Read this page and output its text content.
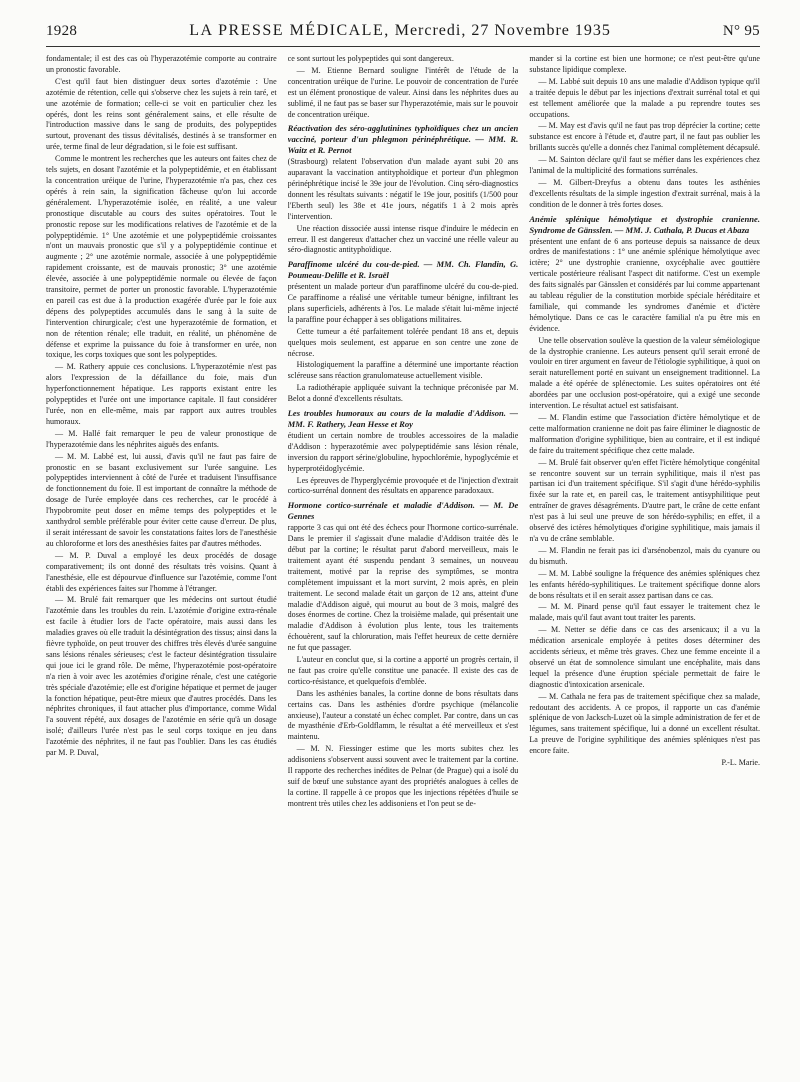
1928	LA PRESSE MÉDICALE, Mercredi, 27 Novembre 1935	N° 95

fondamentale; il est des cas où l'hyperazotémie comporte au contraire un pronostic favorable.

C'est qu'il faut bien distinguer deux sortes d'azotémie : Une azotémie de rétention, celle qui s'observe chez les sujets à rein taré, et une azotémie de formation; celle-ci se voit en particulier chez les opérés, dont les reins sont généralement sains, et elle résulte de l'introduction massive dans le sang de produits, des polypeptides surtout, provenant des tissus dévitalisés, destinés à se transformer en urée, terme final de leur dégradation, si le foie est suffisant.

Comme le montrent les recherches que les auteurs ont faites chez de tels sujets, en dosant l'azotémie et la polypeptidémie, et en établissant la concentration uréique de l'urine, l'hyperazotémie n'a pas, chez ces opérés à rein sain, la signification fâcheuse qu'on lui accorde généralement. L'hyperazotémie isolée, en réalité, a une valeur pronostique discutable au cours des suites opératoires. Tout le pronostic repose sur les modifications relatives de l'azotémie et de la polypeptidémie. 1° Une azotémie et une polypeptidémie croissantes n'ont un mauvais pronostic que s'il y a polypeptidémie continue et augmente ; 2° une azotémie normale, associée à une polypeptidémie rapidement croissante, est de mauvais pronostic; 3° une azotémie élevée, associée à une polypeptidémie normale ou élevée de façon transitoire, permet de porter un pronostic favorable. L'hyperazotémie en pareil cas est due à la production exagérée d'urée par le foie aux dépens des polypeptides accumulés dans le sang à la suite de l'intervention chirurgicale; c'est une hyperazotémie de formation, et non de rétention rénale; elle traduit, en réalité, un phénomène de défense et exprime la puissance du foie à transformer en urée, non toxique, les corps toxiques que sont les polypeptides.

— M. Rathery appuie ces conclusions. L'hyperazotémie n'est pas alors l'expression de la défaillance du foie, mais d'un hyperfonctionnement hépatique. Les rapports existant entre les polypeptides et l'urée ont une importance capitale. Il faut considérer l'urée, non en elle-même, mais par rapport aux autres troubles humoraux.

— M. Hallé fait remarquer le peu de valeur pronostique de l'hyperazotémie dans les néphrites aiguës des enfants.

— M. M. Labbé est, lui aussi, d'avis qu'il ne faut pas faire de pronostic en se basant exclusivement sur l'urée sanguine. Les polypeptides interviennent à côté de l'urée et traduisent l'insuffisance de fonctionnement du foie. Il est important de connaître la méthode de dosage de l'urée employée dans ces recherches, car le procédé à l'hypobromite peut doser en même temps des polypeptides et le xanthydrol semble préférable pour éviter cette cause d'erreur. De plus, il serait intéressant de savoir les constatations faites lors de l'anesthésie au chloroforme et lors des anesthésies faites par d'autres méthodes.

— M. P. Duval a employé les deux procédés de dosage comparativement; ils ont donné des résultats très voisins. Quant à l'anesthésie, elle est dépourvue d'influence sur l'azotémie, comme l'ont établi des expériences faites sur l'homme à l'étranger.

— M. Brulé fait remarquer que les médecins ont surtout étudié l'azotémie dans les troubles du rein. L'azotémie d'origine extra-rénale est facile à étudier lors de l'acte opératoire, mais aussi dans les maladies graves où elle traduit la désintégration des tissus; ainsi dans la fièvre typhoïde, on peut trouver des chiffres très élevés d'urée sanguine sans lésions rénales sérieuses; c'est le facteur désintégration tissulaire qui joue ici le grand rôle. De même, l'hyperazotémie post-opératoire n'a rien à voir avec les azotémies d'origine rénale, c'est une catégorie très spéciale d'azotémie; elle est d'origine hépatique et permet de jauger la fonction hépatique, peut-être mieux que d'autres procédés. Dans les néphrites chroniques, il faut attacher plus d'importance, comme Widal l'a souvent répété, aux dosages de l'azotémie en série qu'à un dosage isolé; d'ailleurs l'urée n'est pas le seul corps toxique en jeu dans l'azotémie des néphrites, il ne faut pas l'oublier. Dans les cas étudiés par M. P. Duval,

ce sont surtout les polypeptides qui sont dangereux.

— M. Etienne Bernard souligne l'intérêt de l'étude de la concentration uréique de l'urine. Le pouvoir de concentration de l'urée est un élément pronostique de valeur. Ainsi dans les néphrites dues au sublimé, il ne faut pas se baser sur l'hyperazotémie, mais sur le pouvoir de concentration uréique.

Réactivation des séro-agglutinines typhoïdiques chez un ancien vacciné, porteur d'un phlegmon périnéphrétique. — MM. R. Waitz et R. Pernot

(Strasbourg) relatent l'observation d'un malade ayant subi 20 ans auparavant la vaccination antityphoïdique et porteur d'un phlegmon périnéphrétique incisé le 39e jour de l'évolution. Cinq séro-diagnostics donnent les résultats suivants : négatif le 19e jour, positifs (1/500 pour l'Eberth seul) les 38e et 41e jours, négatifs 1 à 2 mois après l'intervention.

Une réaction dissociée aussi intense risque d'induire le médecin en erreur. Il est dangereux d'attacher chez un vacciné une réelle valeur au séro-diagnostic antityphoïdique.

Paraffinome ulcéré du cou-de-pied. — MM. Ch. Flandin, G. Poumeau-Delille et R. Israël

présentent un malade porteur d'un paraffinome ulcéré du cou-de-pied. Ce paraffinome a réalisé une véritable tumeur bénigne, infiltrant les plans superficiels, adhérents à l'os. Le malade s'était lui-même injecté la paraffine pour échapper à ses obligations militaires.

Cette tumeur a été parfaitement tolérée pendant 18 ans et, depuis quelques mois seulement, est apparue en son centre une zone de nécrose.

Histologiquement la paraffine a déterminé une importante réaction scléreuse sans réaction granulomateuse actuellement visible.

La radiothérapie appliquée suivant la technique préconisée par M. Belot a donné d'excellents résultats.

Les troubles humoraux au cours de la maladie d'Addison. — MM. F. Rathery, Jean Hesse et Roy

étudient un certain nombre de troubles accessoires de la maladie d'Addison : hyperazotémie avec polypeptidémie sans lésion rénale, inversion du rapport sérine/globuline, hypochlorémie, hypoglycémie et hyperprotéidoglycémie.

Les épreuves de l'hyperglycémie provoquée et de l'injection d'extrait cortico-surrénal donnent des résultats en apparence paradoxaux.

Hormone cortico-surrénale et maladie d'Addison. — M. De Gennes

rapporte 3 cas qui ont été des échecs pour l'hormone cortico-surrénale. Dans le premier il s'agissait d'une maladie d'Addison traitée dès le début par la cortine; le résultat parut d'abord merveilleux, mais le traitement ayant été suspendu pendant 3 semaines, un nouveau traitement, motivé par la reprise des symptômes, se montra complètement impuissant et la mort survint, 2 mois après, en plein traitement. Le second malade était un garçon de 12 ans, atteint d'une maladie d'Addison aiguë, qui mourut au bout de 3 mois, malgré des doses énormes de cortine. Chez la troisième malade, qui présentait une maladie d'Addison à évolution plus lente, tous les traitements échouèrent, sauf la chloruration, mais l'effet heureux de cette dernière ne fut que passager.

L'auteur en conclut que, si la cortine a apporté un progrès certain, il ne faut pas croire qu'elle constitue une panacée. Il existe des cas de cortico-résistance, et quelquefois d'emblée.

Dans les asthénies banales, la cortine donne de bons résultats dans certains cas. Dans les asthénies d'ordre psychique (mélancolie anxieuse), l'auteur a constaté un échec complet. Par contre, dans un cas de myasthénie d'Erb-Goldflamm, le résultat a été merveilleux et s'est maintenu.

— M. N. Fiessinger estime que les morts subites chez les addisoniens s'observent aussi souvent avec le traitement par la cortine. Il rapporte des recherches inédites de Pelnar (de Prague) qui a isolé du suif de bœuf une substance ayant des propriétés analogues à celles de la cortine. Il rappelle à ce propos que les injections répétées d'huile se montrent très utiles chez les addisoniens et l'on peut se de-

mander si la cortine est bien une hormone; ce n'est peut-être qu'une substance lipidique complexe.

— M. Labbé suit depuis 10 ans une maladie d'Addison typique qu'il a traitée depuis le début par les injections d'extrait surrénal total et qui est tellement améliorée que la malade a pu reprendre toutes ses occupations.

— M. May est d'avis qu'il ne faut pas trop déprécier la cortine; cette substance est encore à l'étude et, d'autre part, il ne faut pas oublier les brillants succès qu'elle a donnés chez l'animal complètement décapsulé.

— M. Sainton déclare qu'il faut se méfier dans les expériences chez l'animal de la multiplicité des formations surrénales.

— M. Gilbert-Dreyfus a obtenu dans toutes les asthénies d'excellents résultats de la simple ingestion d'extrait surrénal, mais à la condition de le donner à très fortes doses.

Anémie splénique hémolytique et dystrophie cranienne. Syndrome de Gänsslen. — MM. J. Cathala, P. Ducas et Abaza

présentent une enfant de 6 ans porteuse depuis sa naissance de deux ordres de manifestations : 1° une anémie splénique hémolytique avec ictère; 2° une dystrophie cranienne, oxycéphalie avec gouttière verticale postérieure réalisant l'aspect dit natiforme. C'est un exemple des faits signalés par Gänsslen et considérés par lui comme appartenant au tableau régulier de la constitution morbide spéciale héréditaire et familiale, qui commande les syndromes d'anémie et d'ictère hémolytique. Dans ce cas le caractère familial n'a pu être mis en évidence.

Une telle observation soulève la question de la valeur séméiologique de la dystrophie cranienne. Les auteurs pensent qu'il serait erroné de vouloir en tirer argument en faveur de l'étiologie syphilitique, à quoi on serait naturellement porté en suivant un enseignement traditionnel. La malade a été opérée de splénectomie. Les suites opératoires ont été abordées par une occlusion post-opératoire, qui a exigé une seconde intervention. Le résultat actuel est satisfaisant.

— M. Flandin estime que l'association d'ictère hémolytique et de cette malformation cranienne ne doit pas faire éliminer le diagnostic de malformation d'origine syphilitique, bien au contraire, et il est indiqué de faire du traitement spécifique chez cette malade.

— M. Brulé fait observer qu'en effet l'ictère hémolytique congénital se rencontre souvent sur un terrain syphilitique, mais il n'est pas partisan ici d'un traitement spécifique. S'il s'agit d'une hérédo-syphilis fixée sur la rate et, en pareil cas, le traitement antisyphilitique peut entraîner de graves désagréments. D'autre part, le crâne de cette enfant n'est pas à lui seul une preuve de son hérédo-syphilis; en effet, il a observé des ictères hémolytiques d'origine syphilitique, mais jamais il n'a vu de crâne semblable.

— M. Flandin ne ferait pas ici d'arsénobenzol, mais du cyanure ou du bismuth.

— M. M. Labbé souligne la fréquence des anémies spléniques chez les enfants hérédo-syphilitiques. Le traitement spécifique donne alors de bons résultats et il en serait assez partisan dans ce cas.

— M. M. Pinard pense qu'il faut essayer le traitement chez le malade, mais qu'il faut avant tout traiter les parents.

— M. Netter se défie dans ce cas des arsenicaux; il a vu la médication arsenicale employée à petites doses déterminer des accidents sérieux, et même très graves. Chez une femme enceinte il a observé un état de somnolence simulant une encéphalite, mais dans lequel la présence d'une éruption spéciale permettait de faire le diagnostic d'intoxication arsenicale.

— M. Cathala ne fera pas de traitement spécifique chez sa malade, redoutant des accidents. A ce propos, il rapporte un cas d'anémie splénique de von Jacksch-Luzet où la simple administration de fer et de légumes, sans traitement spécifique, lui a donné un excellent résultat. La preuve de l'origine syphilitique des anémies spléniques n'est pas encore faite.

P.-L. Marie.
